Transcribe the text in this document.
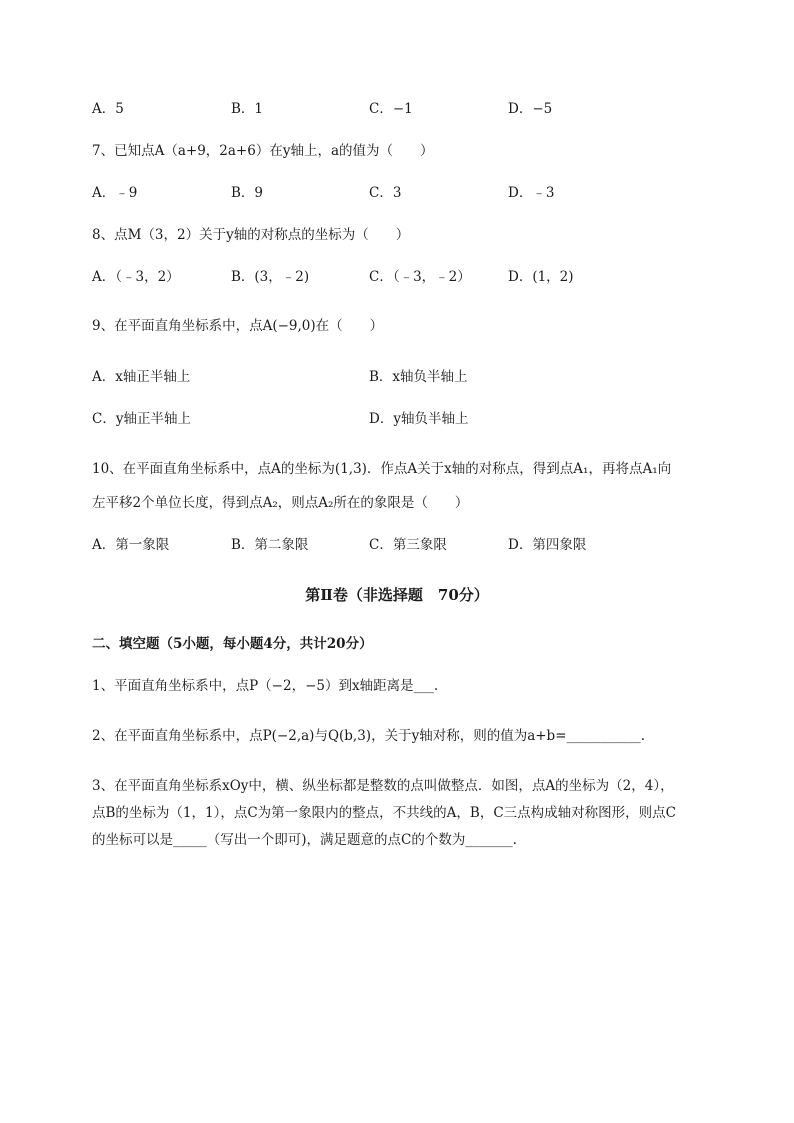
A．5	B．1	C．−1	D．−5
7、已知点A（a+9，2a+6）在y轴上，a的值为（　　）
A．﹣9	B．9	C．3	D．﹣3
8、点M（3，2）关于y轴的对称点的坐标为（　　）
A．（﹣3，2）	B．(3，﹣2)	C．（﹣3，﹣2）	D．(1，2)
9、在平面直角坐标系中，点A(−9,0)在（　　）
A．x轴正半轴上	B．x轴负半轴上
C．y轴正半轴上	D．y轴负半轴上
10、在平面直角坐标系中，点A的坐标为(1,3)．作点A关于x轴的对称点，得到点A₁，再将点A₁向
左平移2个单位长度，得到点A₂，则点A₂所在的象限是（　　）
A．第一象限	B．第二象限	C．第三象限	D．第四象限
第Ⅱ卷（非选择题　70分）
二、填空题（5小题，每小题4分，共计20分）
1、平面直角坐标系中，点P（−2，−5）到x轴距离是___.
2、在平面直角坐标系中，点P(−2,a)与Q(b,3)，关于y轴对称，则的值为a+b=___________.
3、在平面直角坐标系xOy中，横、纵坐标都是整数的点叫做整点．如图，点A的坐标为（2，4），
点B的坐标为（1，1），点C为第一象限内的整点，不共线的A，B，C三点构成轴对称图形，则点C
的坐标可以是_____（写出一个即可)，满足题意的点C的个数为_______.
